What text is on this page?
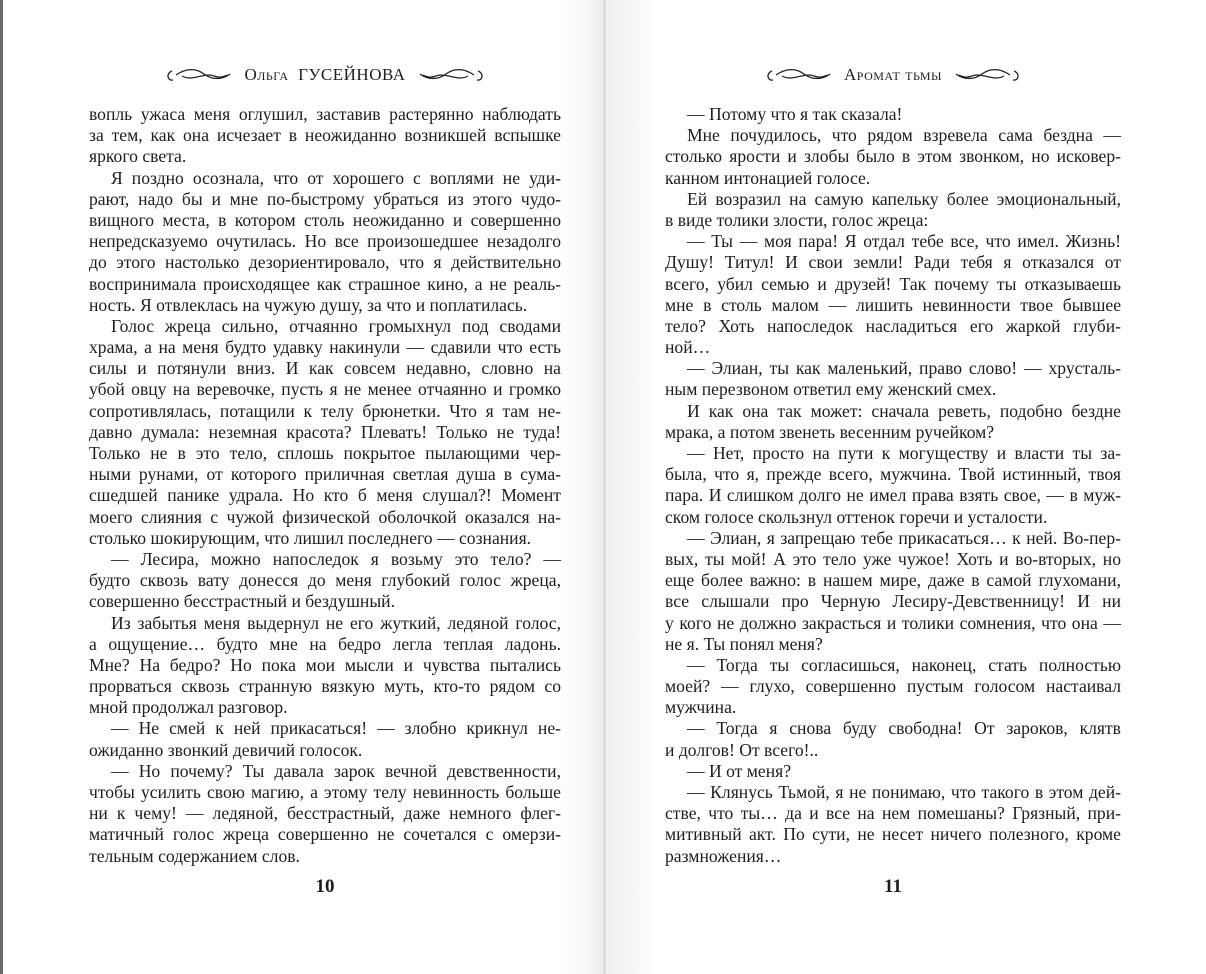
Ольга ГУСЕЙНОВА
вопль ужаса меня оглушил, заставив растерянно наблюдать
за тем, как она исчезает в неожиданно возникшей вспышке
яркого света.
Я поздно осознала, что от хорошего с воплями не уди-
рают, надо бы и мне по-быстрому убраться из этого чудо-
вищного места, в котором столь неожиданно и совершенно
непредсказуемо очутилась. Но все произошедшее незадолго
до этого настолько дезориентировало, что я действительно
воспринимала происходящее как страшное кино, а не реаль-
ность. Я отвлеклась на чужую душу, за что и поплатилась.
Голос жреца сильно, отчаянно громыхнул под сводами
храма, а на меня будто удавку накинули — сдавили что есть
силы и потянули вниз. И как совсем недавно, словно на
убой овцу на веревочке, пусть я не менее отчаянно и громко
сопротивлялась, потащили к телу брюнетки. Что я там не-
давно думала: неземная красота? Плевать! Только не туда!
Только не в это тело, сплошь покрытое пылающими чер-
ными рунами, от которого приличная светлая душа в сума-
сшедшей панике удрала. Но кто б меня слушал?! Момент
моего слияния с чужой физической оболочкой оказался на-
столько шокирующим, что лишил последнего — сознания.
— Лесира, можно напоследок я возьму это тело? —
будто сквозь вату донесся до меня глубокий голос жреца,
совершенно бесстрастный и бездушный.
Из забытья меня выдернул не его жуткий, ледяной голос,
а ощущение… будто мне на бедро легла теплая ладонь.
Мне? На бедро? Но пока мои мысли и чувства пытались
прорваться сквозь странную вязкую муть, кто-то рядом со
мной продолжал разговор.
— Не смей к ней прикасаться! — злобно крикнул не-
ожиданно звонкий девичий голосок.
— Но почему? Ты давала зарок вечной девственности,
чтобы усилить свою магию, а этому телу невинность больше
ни к чему! — ледяной, бесстрастный, даже немного флег-
матичный голос жреца совершенно не сочетался с омерзи-
тельным содержанием слов.
10
Аромат тьмы
— Потому что я так сказала!
Мне почудилось, что рядом взревела сама бездна —
столько ярости и злобы было в этом звонком, но исковер-
канном интонацией голосе.
Ей возразил на самую капельку более эмоциональный,
в виде толики злости, голос жреца:
— Ты — моя пара! Я отдал тебе все, что имел. Жизнь!
Душу! Титул! И свои земли! Ради тебя я отказался от
всего, убил семью и друзей! Так почему ты отказываешь
мне в столь малом — лишить невинности твое бывшее
тело? Хоть напоследок насладиться его жаркой глуби-
ной…
— Элиан, ты как маленький, право слово! — хрусталь-
ным перезвоном ответил ему женский смех.
И как она так может: сначала реветь, подобно бездне
мрака, а потом звенеть весенним ручейком?
— Нет, просто на пути к могуществу и власти ты за-
была, что я, прежде всего, мужчина. Твой истинный, твоя
пара. И слишком долго не имел права взять свое, — в муж-
ском голосе скользнул оттенок горечи и усталости.
— Элиан, я запрещаю тебе прикасаться… к ней. Во-пер-
вых, ты мой! А это тело уже чужое! Хоть и во-вторых, но
еще более важно: в нашем мире, даже в самой глухомани,
все слышали про Черную Лесиру-Девственницу! И ни
у кого не должно закрасться и толики сомнения, что она —
не я. Ты понял меня?
— Тогда ты согласишься, наконец, стать полностью
моей? — глухо, совершенно пустым голосом настаивал
мужчина.
— Тогда я снова буду свободна! От зароков, клятв
и долгов! От всего!..
— И от меня?
— Клянусь Тьмой, я не понимаю, что такого в этом дей-
стве, что ты… да и все на нем помешаны? Грязный, при-
митивный акт. По сути, не несет ничего полезного, кроме
размножения…
11
